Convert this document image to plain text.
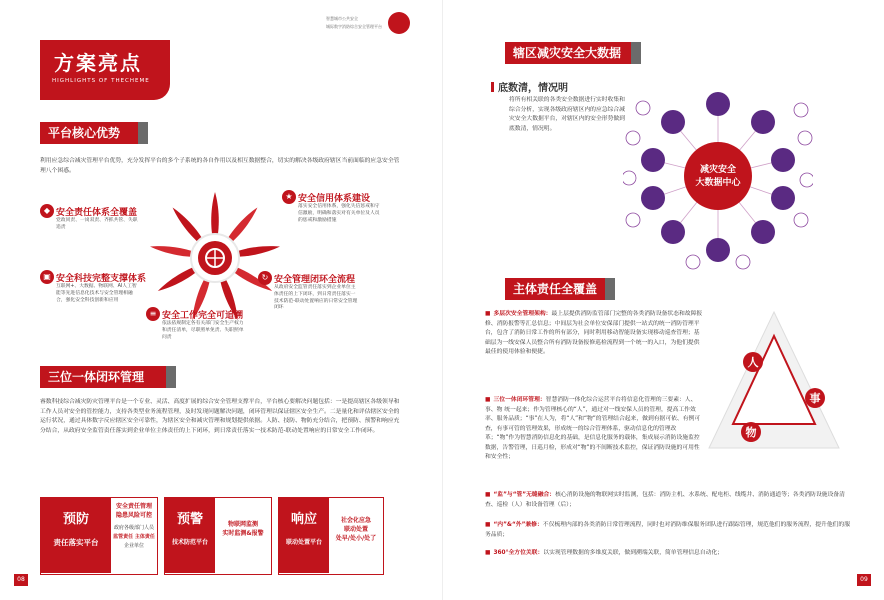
方案亮点
HIGHLIGHTS OF THECHEME
平台核心优势
利用应急综合减灾管理平台优势，充分发挥平台的多个子系统的各自作用以及相互数据整合，切实的解决各级政府辖区当前面临的应急安全管理八个困惑。
◆ 安全责任体系全覆盖
党政同责、一岗双责、齐抓共管、失职追责
★ 安全信用体系建设
落实安全信用体系，强化失信惩戒和守信激励，明确和落实对有关单位及人员的惩戒和激励措施
▣ 安全科技完整支撑体系
互联网+、大数据、物联网、AI人工智能等先进信息化技术与安全管理相融合，强化安全科技创新和应用
↻ 安全管理闭环全流程
从政府安全监管责任落实到企业单位主体责任的上下闭环，到日常责任落实一技术防范-联动处置响应的日常安全管理闭环
≡ 安全工作完全可追溯
依法依规制定各有关部门安全生产权力和责任清单，尽职照单免责、失职照单问责
三位一体闭环管理
睿数科技综合减灾防灾管理平台是一个专业、灵活、高度扩展的综合安全管理支撑平台，平台核心要解决问题包括：一是提高辖区各级领导和工作人员对安全的管控能力，支持各类型业务流程管理，及时发现问题解决问题，闭环管理以保证辖区安全生产。二是量化和评估辖区安全的运行状况，通过具体数字反应辖区安全可靠性，为辖区安全和减灾管理和规划提供依据。人防、技防、物防充分结合，把预防、预警和响应充分结合，从政府安全监管责任落实到企业单位主体责任的上下闭环，到日常责任落实一技术防范-联动处置响应的日常安全工作闭环。
预防
责任落实平台
安全责任管理
隐患风险可控
政府各级部门人员
监管责任 主体责任
企业单位
预警
技术防范平台
物联网监测
实时监测&报警
响应
联动处置平台
社会化应急
联动处置
处早/处小/处了
08
智慧城市公共安全
城际数字消防综合安全管理平台
辖区减灾安全大数据
将所有相关联的各类安全数据进行实时收集和综合分析，实现各级政府辖区内的应急综合减灾安全大数据平台，对辖区内的安全形势做到底数清，情况明。
减灾安全
大数据中心
主体责任全覆盖
人
事
物
底数清，情况明
■ 多层次安全管理架构：最上层提供消防监管部门完整的各类消防设备状态和故障报修、消防报警等汇总信息；中间层为社会单位安保部门提供一站式的统一消防管理平台，包含了消防日常工作的所有部分，同时利用移动智能设备实现移动巡查管理；基础层为一线安保人员整合所有消防设备报修巡检流程到一个统一的入口，为他们提供最佳的使用体验和便捷。
■ 三位一体闭环管理：智慧消防一体化综合运营平台将信息化管理的三要素：人、事、物 统一起来；作为管理核心的“人”，通过对一线安保人员的管理，提高工作效率、服务品质；“事”在人为，将“人”和“物”的管理结合起来，做到有据可依、有例可查，有事可管的管理效果，形成统一的综合管理体系，驱动信息化的管理改革；“物”作为智慧消防信息化的基础，是信息化服务的载体，集成展示消防设施监控数据，告警管理，日巡月检，形成对“物”的不间断技术监控，保证消防设施的可用性和安全性；
■ “监”与“管”无缝融合：核心消防设施的物联网实时监测，包括：消防主机、水系统、配电柜、线缆井、消防通道等；各类消防设施设备清查、巡检（人）和设备管理（后）；
■ “内”&“外”兼修：不仅梳理内部的各类消防日常管理流程，同时也对消防维保服务团队进行跟踪管理，规范他们的服务流程，提升他们的服务品质；
■ 360°全方位关联：以实现管理数据的多维度关联，做到溯端关联，简单管理信息自动化；
09
